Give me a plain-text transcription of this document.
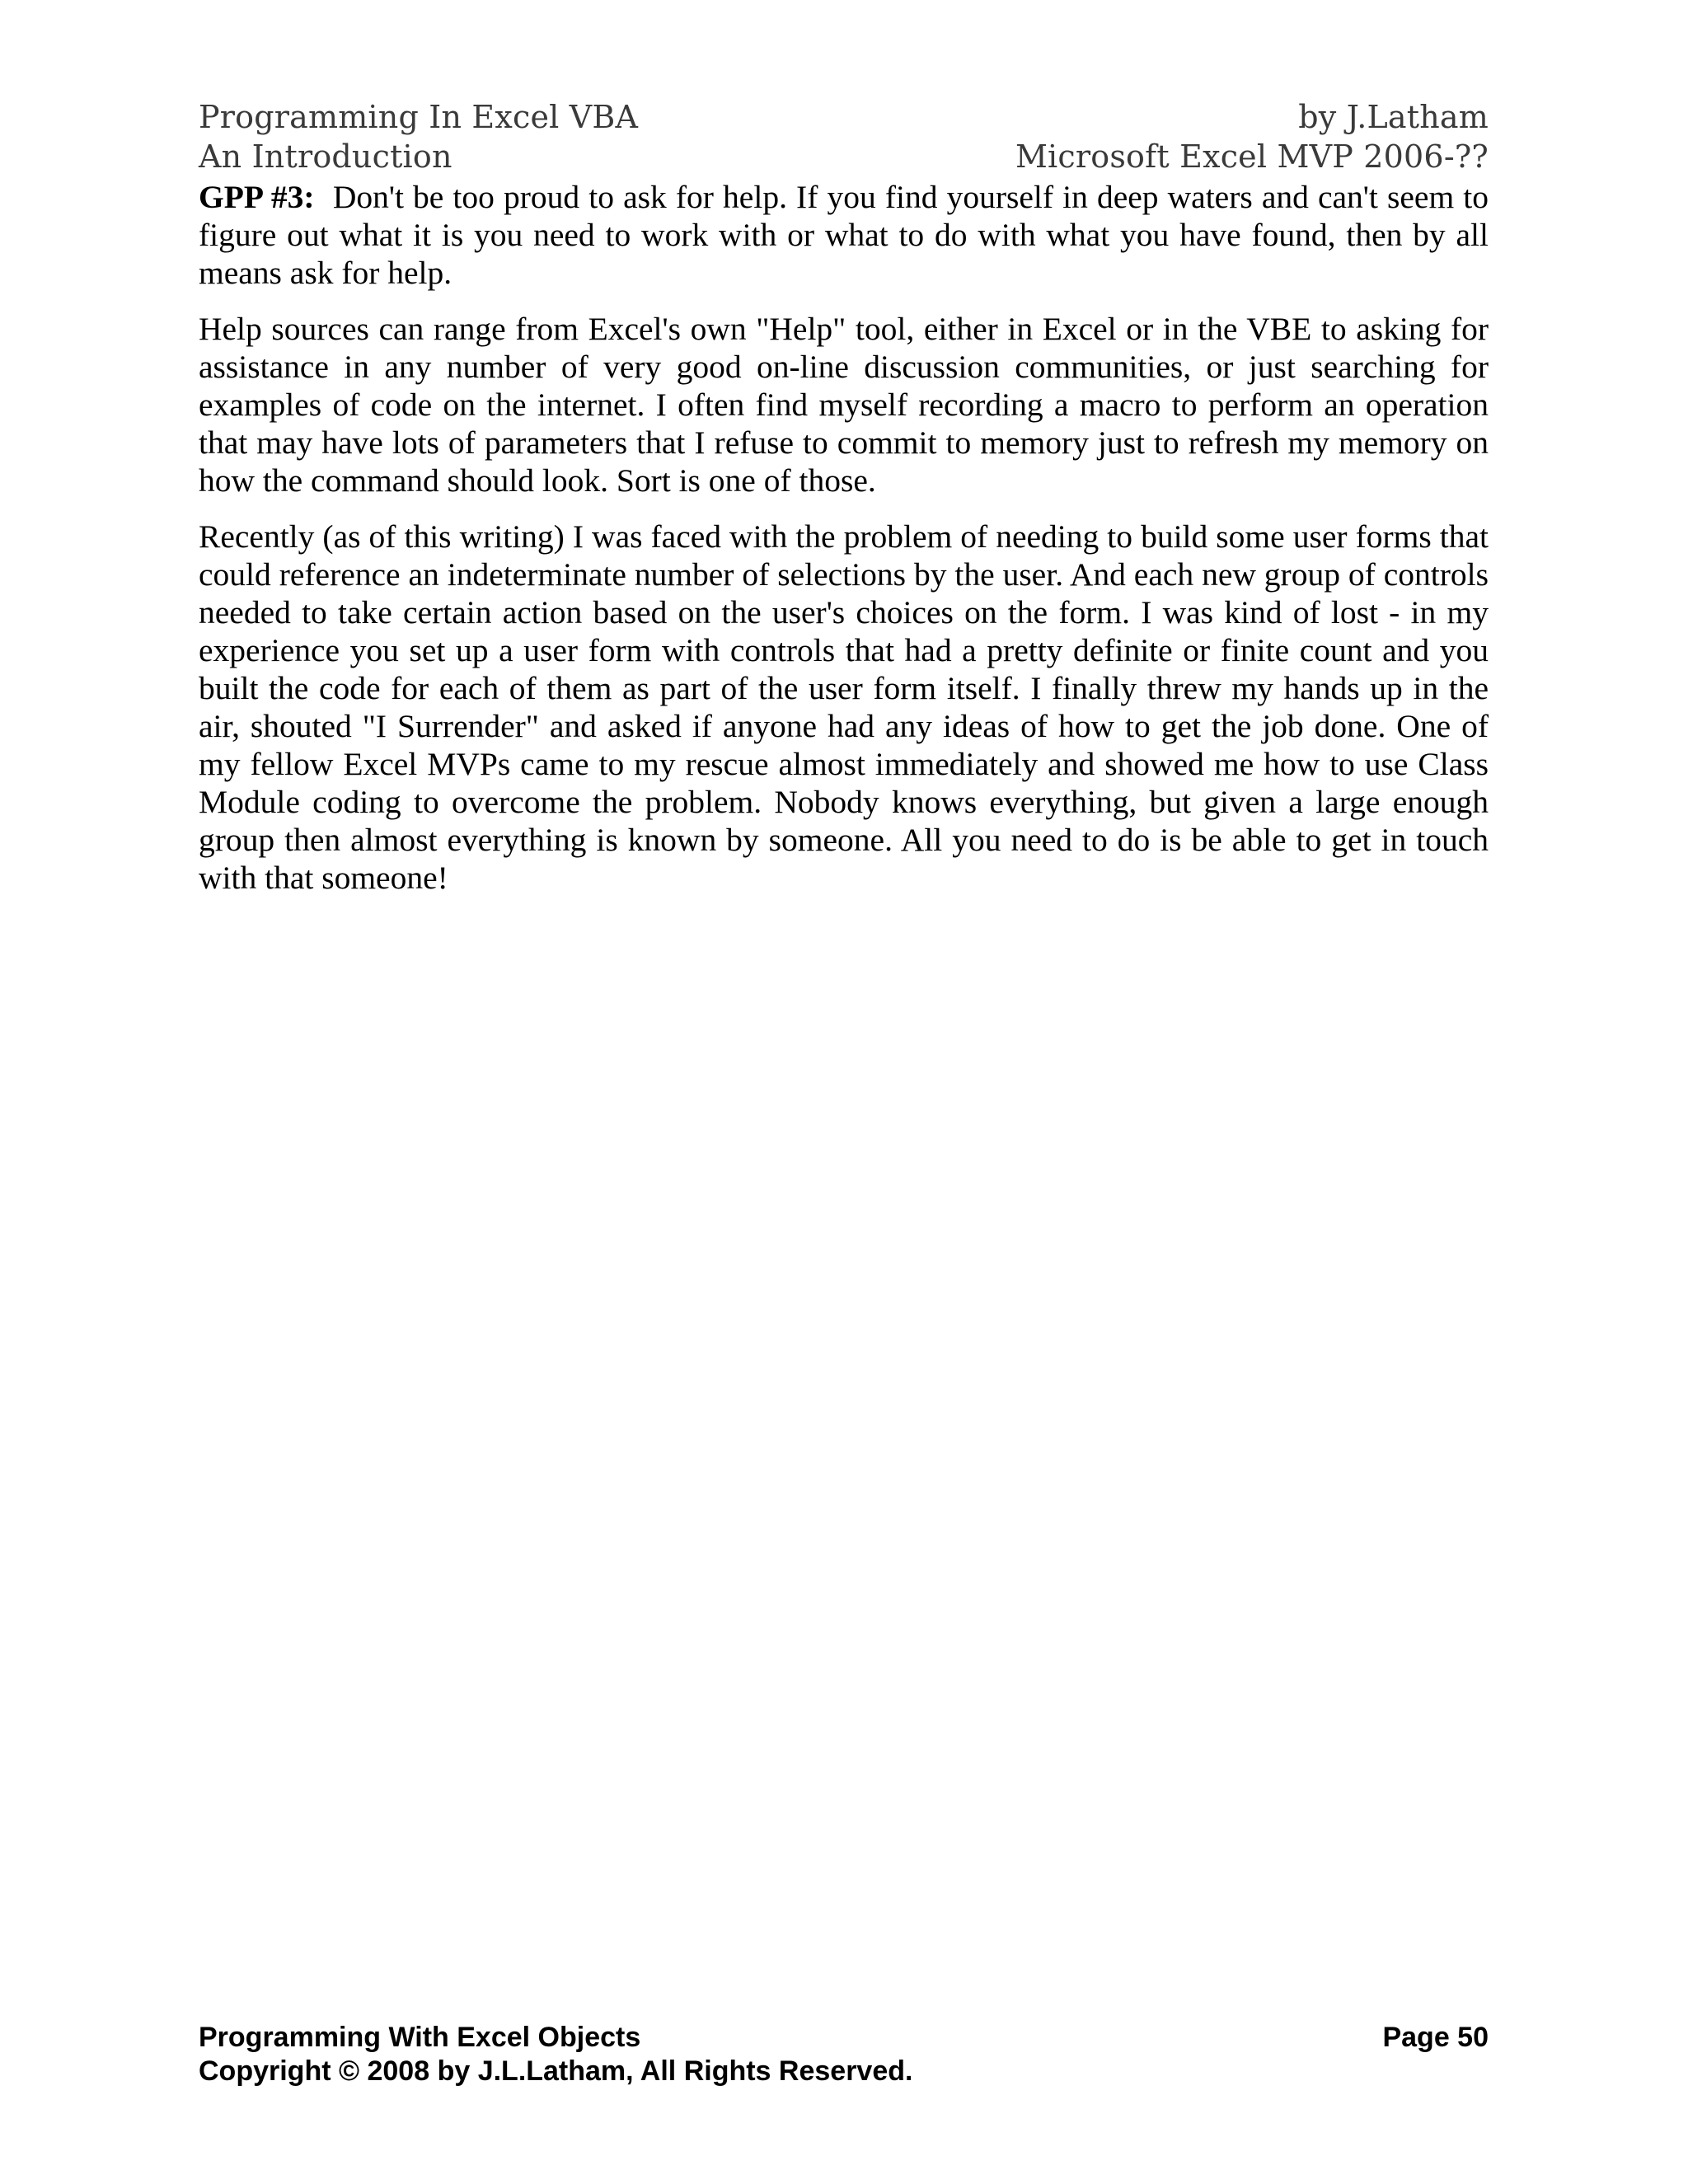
Programming In Excel VBA	by J.Latham
An Introduction	Microsoft Excel MVP 2006-??

GPP #3: Don't be too proud to ask for help. If you find yourself in deep waters and can't seem to figure out what it is you need to work with or what to do with what you have found, then by all means ask for help.

Help sources can range from Excel's own "Help" tool, either in Excel or in the VBE to asking for assistance in any number of very good on-line discussion communities, or just searching for examples of code on the internet. I often find myself recording a macro to perform an operation that may have lots of parameters that I refuse to commit to memory just to refresh my memory on how the command should look. Sort is one of those.

Recently (as of this writing) I was faced with the problem of needing to build some user forms that could reference an indeterminate number of selections by the user. And each new group of controls needed to take certain action based on the user's choices on the form. I was kind of lost - in my experience you set up a user form with controls that had a pretty definite or finite count and you built the code for each of them as part of the user form itself. I finally threw my hands up in the air, shouted "I Surrender" and asked if anyone had any ideas of how to get the job done. One of my fellow Excel MVPs came to my rescue almost immediately and showed me how to use Class Module coding to overcome the problem. Nobody knows everything, but given a large enough group then almost everything is known by someone. All you need to do is be able to get in touch with that someone!

Programming With Excel Objects	Page 50
Copyright © 2008 by J.L.Latham, All Rights Reserved.
